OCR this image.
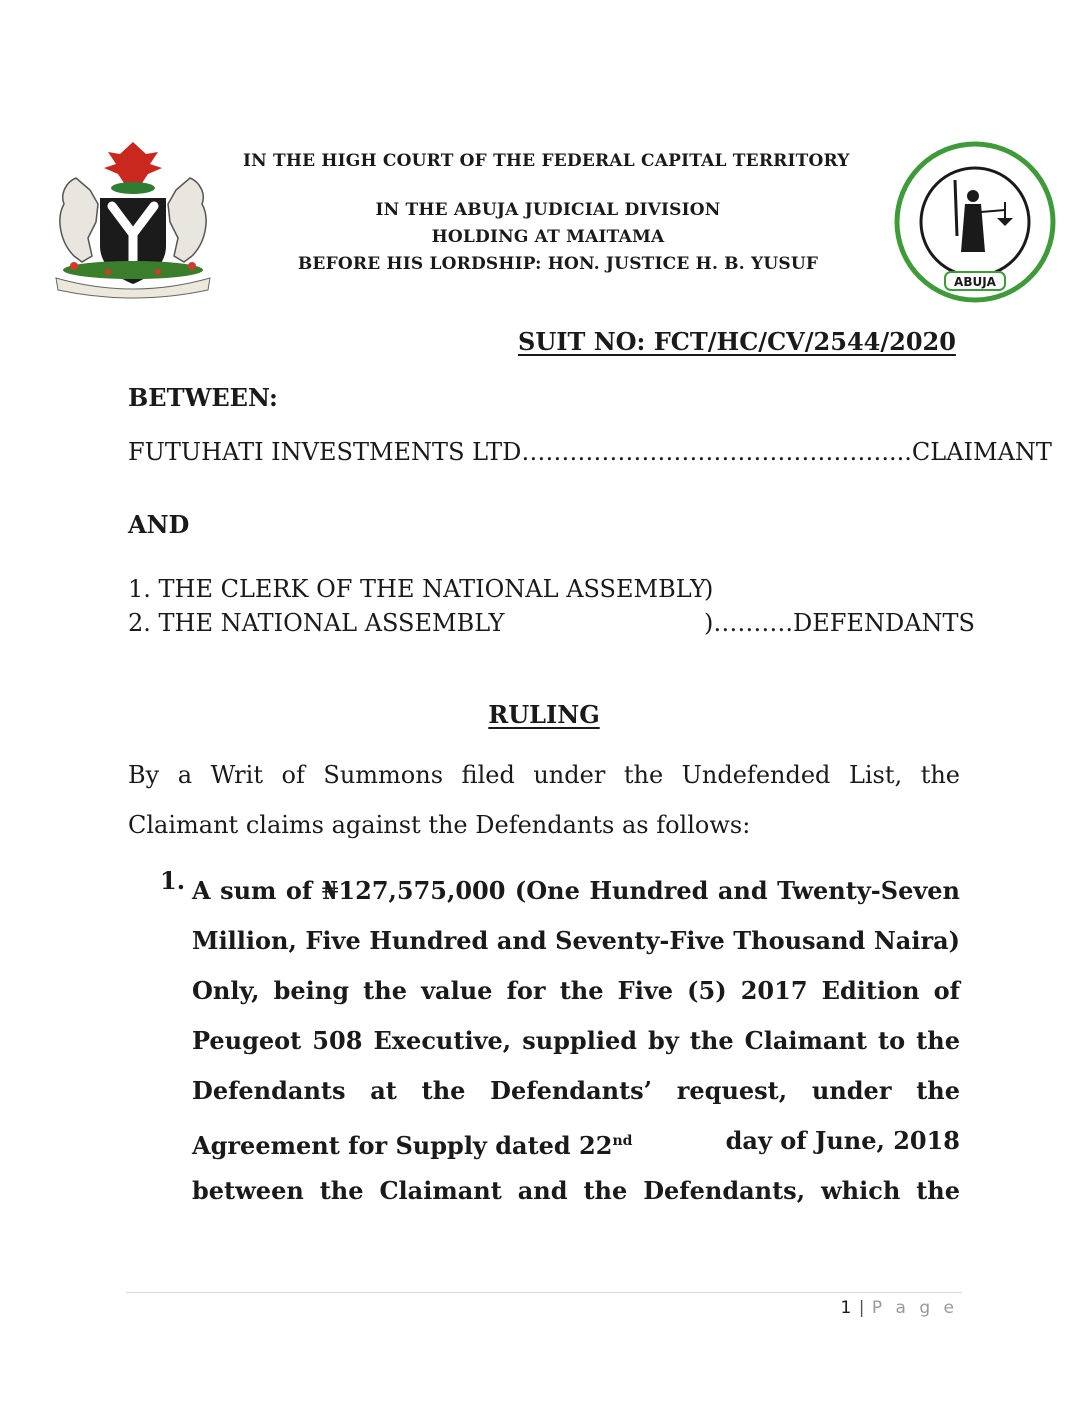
ABUJA
IN THE HIGH COURT OF THE FEDERAL CAPITAL TERRITORY
IN THE ABUJA JUDICIAL DIVISION
HOLDING AT MAITAMA
BEFORE HIS LORDSHIP: HON. JUSTICE H. B. YUSUF
SUIT NO: FCT/HC/CV/2544/2020
BETWEEN:
FUTUHATI INVESTMENTS LTD ……………………………………….... CLAIMANT
AND
1. THE CLERK OF THE NATIONAL ASSEMBLY
)
2. THE NATIONAL ASSEMBLY	) ………. DEFENDANTS
RULING
By a Writ of Summons filed under the Undefended List, the Claimant claims against the Defendants as follows:
1. A sum of ₦127,575,000 (One Hundred and Twenty-Seven
Million, Five Hundred and Seventy-Five Thousand Naira)
Only, being the value for the Five (5) 2017 Edition of
Peugeot 508 Executive, supplied by the Claimant to the
Defendants at the Defendants’ request, under the
Agreement for Supply dated 22nd	day of June, 2018
between the Claimant and the Defendants, which the
1 | P a g e
